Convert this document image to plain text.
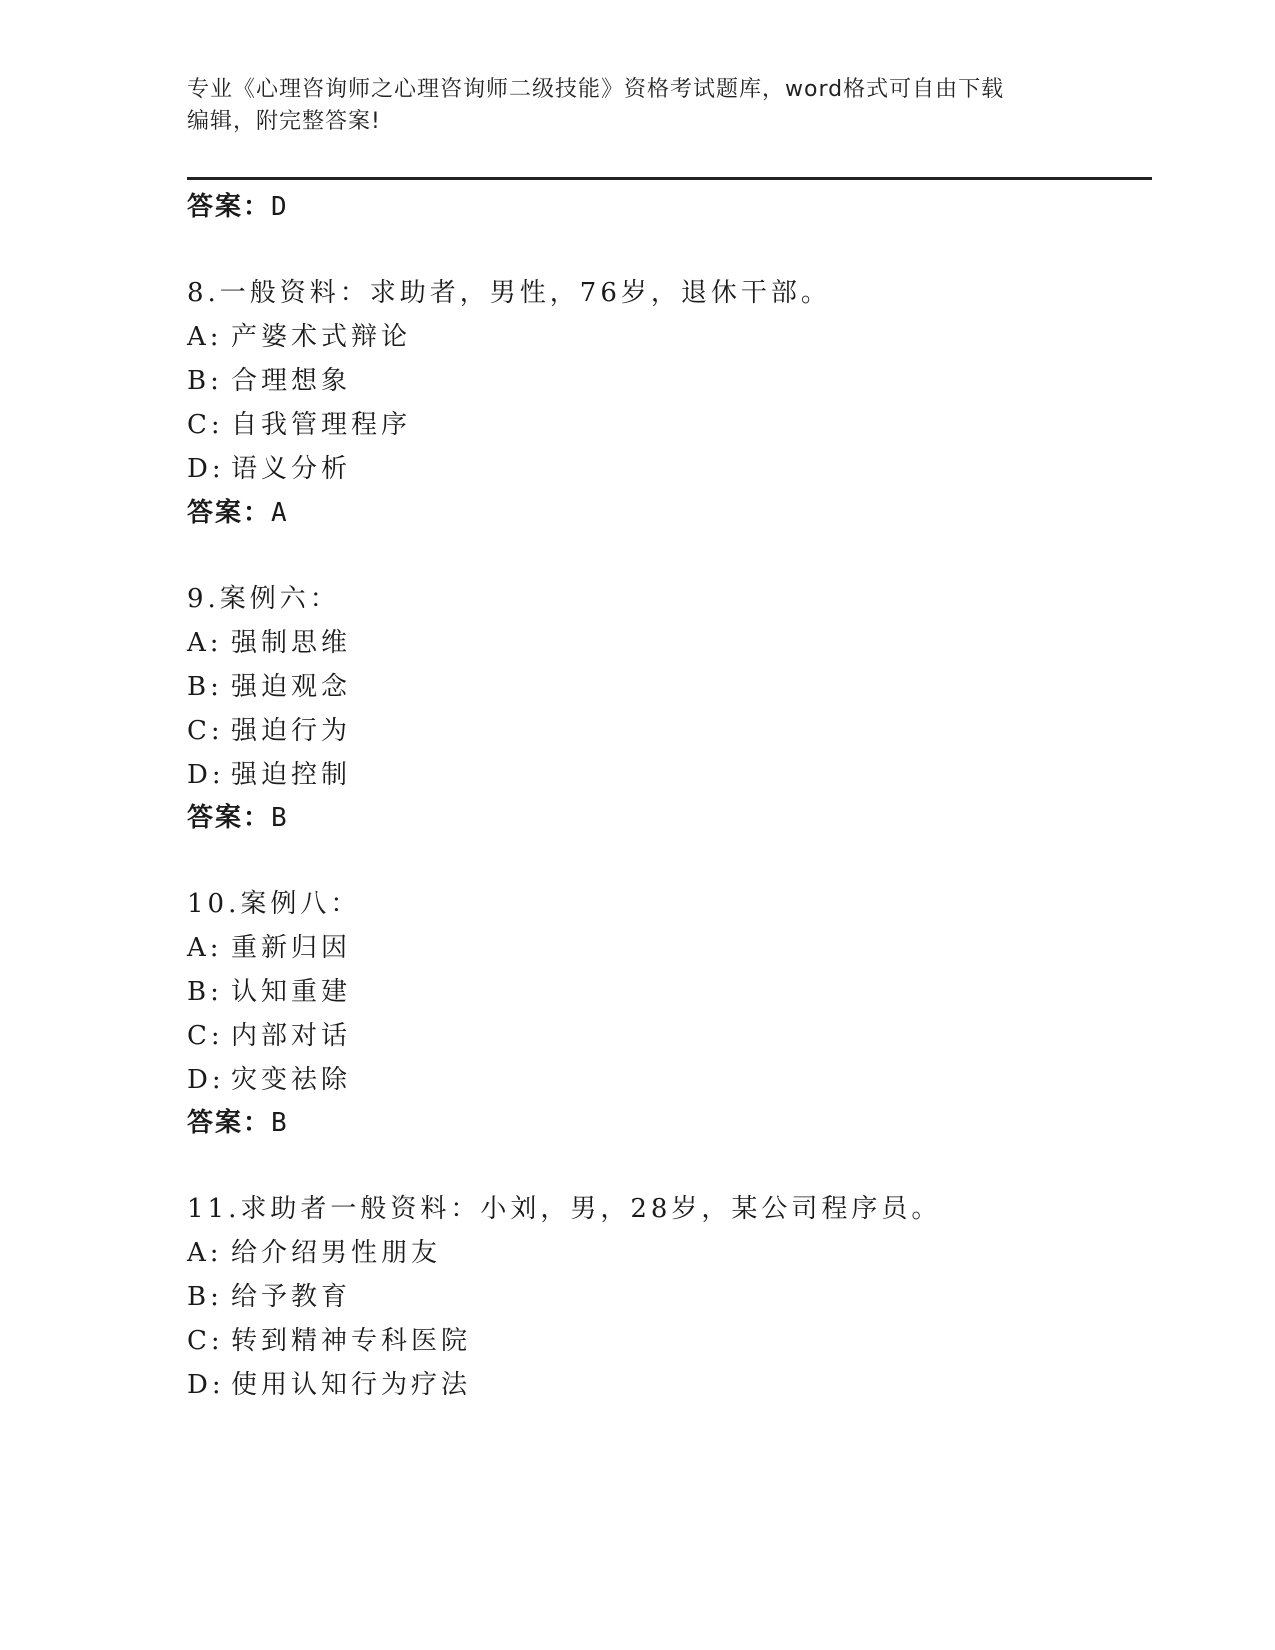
专业《心理咨询师之心理咨询师二级技能》资格考试题库，word格式可自由下载
编辑，附完整答案!
答案：D
8.一般资料：求助者，男性，76岁，退休干部。
A: 产婆术式辩论
B: 合理想象
C: 自我管理程序
D: 语义分析
答案：A
9.案例六：
A: 强制思维
B: 强迫观念
C: 强迫行为
D: 强迫控制
答案：B
10.案例八：
A: 重新归因
B: 认知重建
C: 内部对话
D: 灾变祛除
答案：B
11.求助者一般资料：小刘，男，28岁，某公司程序员。
A: 给介绍男性朋友
B: 给予教育
C: 转到精神专科医院
D: 使用认知行为疗法
